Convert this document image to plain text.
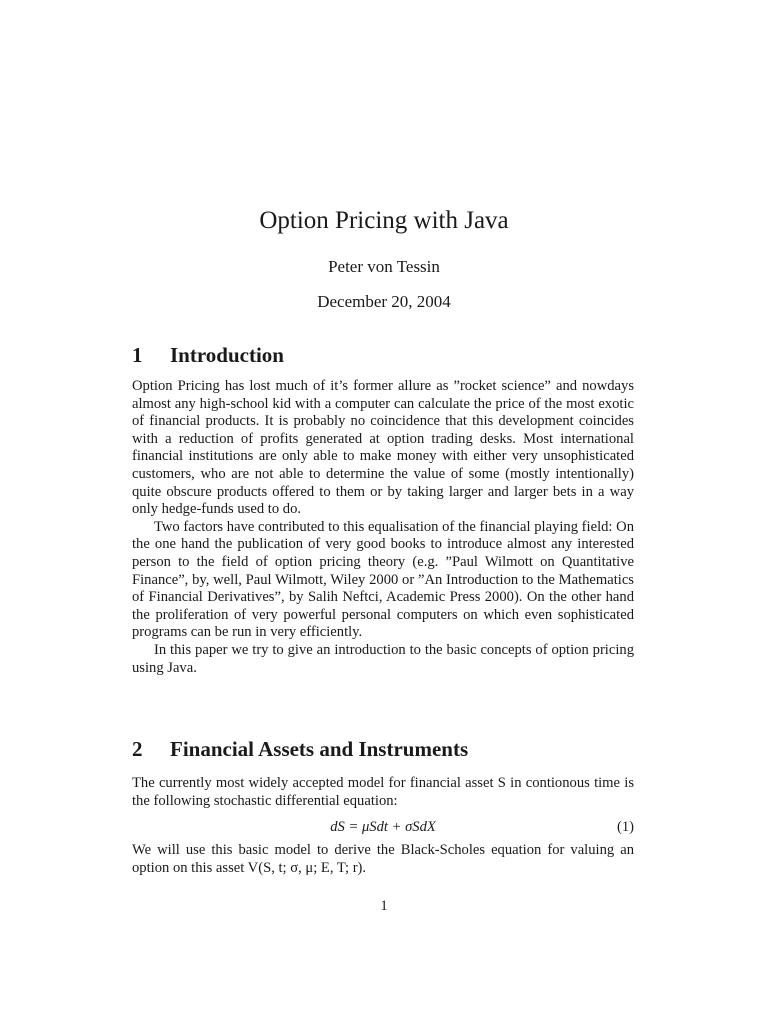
Option Pricing with Java
Peter von Tessin
December 20, 2004
1 Introduction

Option Pricing has lost much of it’s former allure as ”rocket science” and nowdays almost any high-school kid with a computer can calculate the price of the most exotic of financial products. It is probably no coincidence that this development coincides with a reduction of profits generated at option trading desks. Most international financial institutions are only able to make money with either very unsophisticated customers, who are not able to determine the value of some (mostly intentionally) quite obscure products offered to them or by taking larger and larger bets in a way only hedge-funds used to do.

Two factors have contributed to this equalisation of the financial playing field: On the one hand the publication of very good books to introduce almost any interested person to the field of option pricing theory (e.g. ”Paul Wilmott on Quantitative Finance”, by, well, Paul Wilmott, Wiley 2000 or ”An Introduction to the Mathematics of Financial Derivatives”, by Salih Neftci, Academic Press 2000). On the other hand the proliferation of very powerful personal computers on which even sophisticated programs can be run in very efficiently.

In this paper we try to give an introduction to the basic concepts of option pricing using Java.

2 Financial Assets and Instruments

The currently most widely accepted model for financial asset S in contionous time is the following stochastic differential equation:

dS = μSdt + σSdX	(1)

We will use this basic model to derive the Black-Scholes equation for valuing an option on this asset V(S, t; σ, μ; E, T; r).

1
